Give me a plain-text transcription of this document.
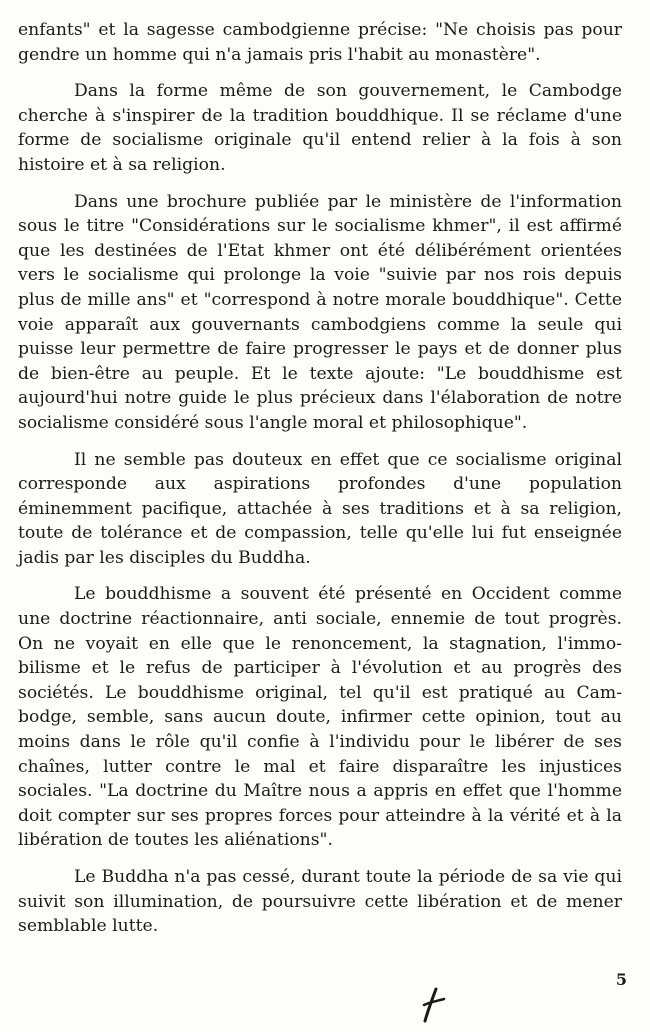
enfants" et la sagesse cambodgienne précise: "Ne choisis pas pour gendre un homme qui n'a jamais pris l'habit au monastère".

Dans la forme même de son gouvernement, le Cambodge cherche à s'inspirer de la tradition bouddhique. Il se réclame d'une forme de socialisme originale qu'il entend relier à la fois à son histoire et à sa religion.

Dans une brochure publiée par le ministère de l'information sous le titre "Considérations sur le socialisme khmer", il est affirmé que les destinées de l'Etat khmer ont été délibérément orientées vers le socialisme qui prolonge la voie "suivie par nos rois depuis plus de mille ans" et "correspond à notre morale bouddhique". Cette voie apparaît aux gouvernants cambodgiens comme la seule qui puisse leur permettre de faire progresser le pays et de donner plus de bien-être au peuple. Et le texte ajoute: "Le bouddhisme est aujourd'hui notre guide le plus précieux dans l'élaboration de notre socialisme considéré sous l'angle moral et philosophique".

Il ne semble pas douteux en effet que ce socialisme original corresponde aux aspirations profondes d'une population éminemment pacifique, attachée à ses traditions et à sa religion, toute de tolérance et de compassion, telle qu'elle lui fut enseignée jadis par les disciples du Buddha.

Le bouddhisme a souvent été présenté en Occident comme une doctrine réactionnaire, anti sociale, ennemie de tout progrès. On ne voyait en elle que le renoncement, la stagnation, l'immobilisme et le refus de participer à l'évolution et au progrès des sociétés. Le bouddhisme original, tel qu'il est pratiqué au Cambodge, semble, sans aucun doute, infirmer cette opinion, tout au moins dans le rôle qu'il confie à l'individu pour le libérer de ses chaînes, lutter contre le mal et faire disparaître les injustices sociales. "La doctrine du Maître nous a appris en effet que l'homme doit compter sur ses propres forces pour atteindre à la vérité et à la libération de toutes les aliénations".

Le Buddha n'a pas cessé, durant toute la période de sa vie qui suivit son illumination, de poursuivre cette libération et de mener semblable lutte.

5
